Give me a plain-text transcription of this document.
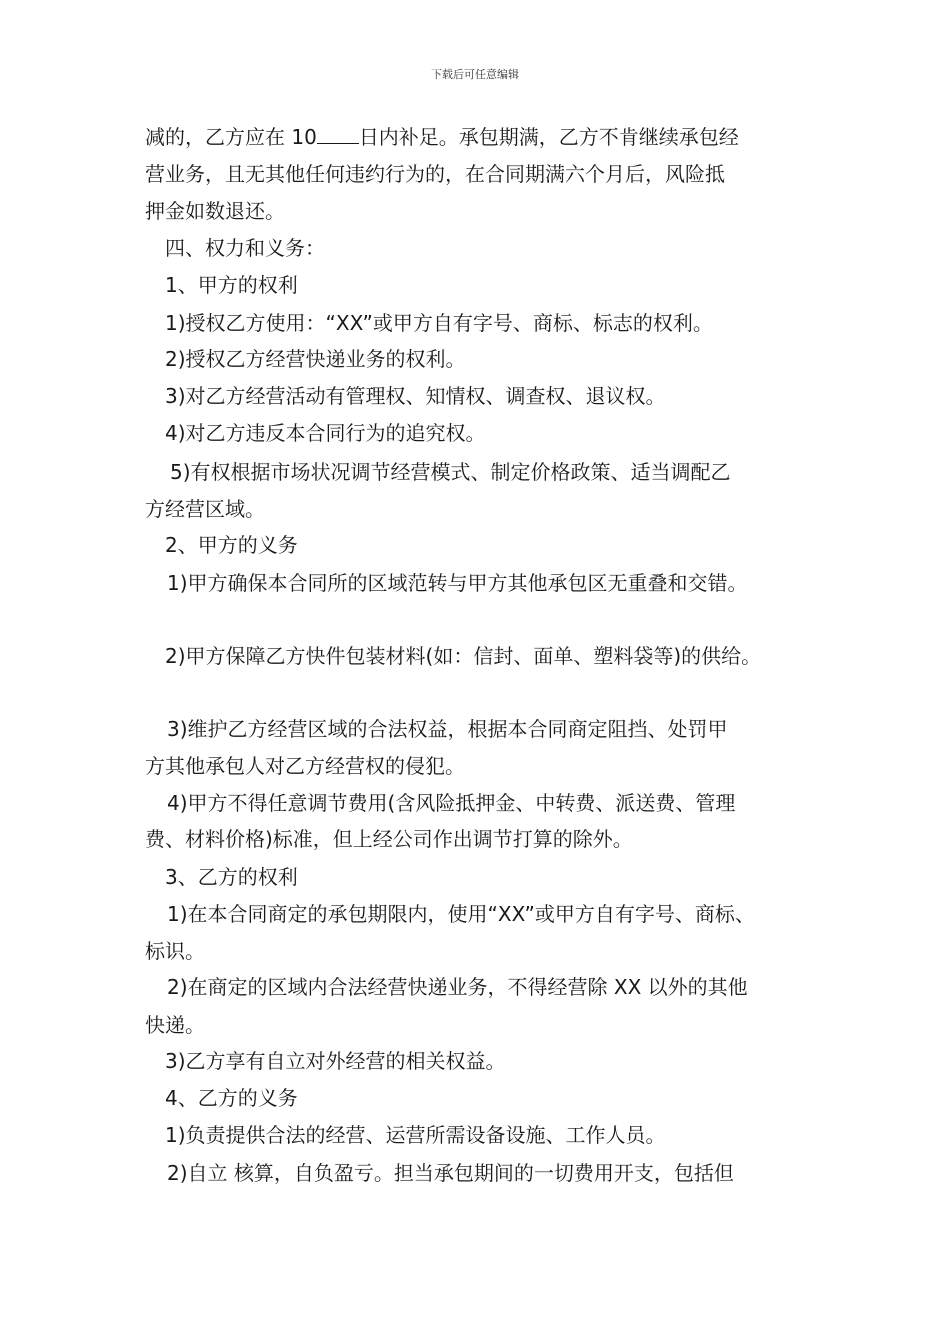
下载后可任意编辑
减的，乙方应在 10 日内补足。承包期满，乙方不肯继续承包经
营业务，且无其他任何违约行为的，在合同期满六个月后，风险抵
押金如数退还。
四、权力和义务：
1、甲方的权利
1)授权乙方使用：“XX”或甲方自有字号、商标、标志的权利。
2)授权乙方经营快递业务的权利。
3)对乙方经营活动有管理权、知情权、调查权、退议权。
4)对乙方违反本合同行为的追究权。
5)有权根据市场状况调节经营模式、制定价格政策、适当调配乙
方经营区域。
2、甲方的义务
1)甲方确保本合同所的区域范转与甲方其他承包区无重叠和交错。
2)甲方保障乙方快件包装材料(如：信封、面单、塑料袋等)的供给。
3)维护乙方经营区域的合法权益，根据本合同商定阻挡、处罚甲
方其他承包人对乙方经营权的侵犯。
4)甲方不得任意调节费用(含风险抵押金、中转费、派送费、管理
费、材料价格)标准，但上经公司作出调节打算的除外。
3、乙方的权利
1)在本合同商定的承包期限内，使用“XX”或甲方自有字号、商标、
标识。
2)在商定的区域内合法经营快递业务，不得经营除 XX 以外的其他
快递。
3)乙方享有自立对外经营的相关权益。
4、乙方的义务
1)负责提供合法的经营、运营所需设备设施、工作人员。
2)自立 核算，自负盈亏。担当承包期间的一切费用开支，包括但
